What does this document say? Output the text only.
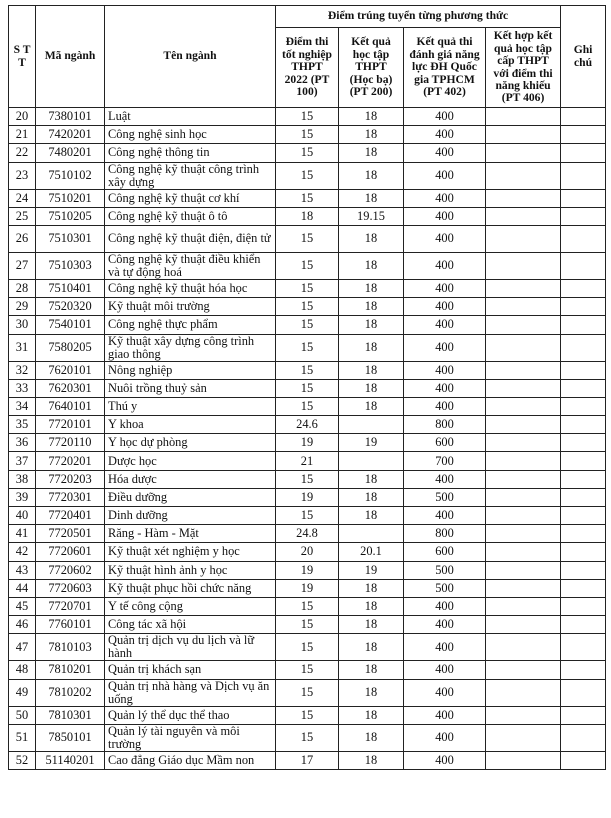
S T T	Mã ngành	Tên ngành	Điểm trúng tuyển từng phương thức				Ghi chú
			Điểm thi tốt nghiệp THPT 2022 (PT 100)	Kết quả học tập THPT (Học bạ) (PT 200)	Kết quả thi đánh giá năng lực ĐH Quốc gia TPHCM (PT 402)	Kết hợp kết quả học tập cấp THPT với điểm thi năng khiếu (PT 406)	
20	7380101	Luật	15	18	400		
21	7420201	Công nghệ sinh học	15	18	400		
22	7480201	Công nghệ thông tin	15	18	400		
23	7510102	Công nghệ kỹ thuật công trình xây dựng	15	18	400		
24	7510201	Công nghệ kỹ thuật cơ khí	15	18	400		
25	7510205	Công nghệ kỹ thuật ô tô	18	19.15	400		
26	7510301	Công nghệ kỹ thuật điện, điện tử	15	18	400		
27	7510303	Công nghệ kỹ thuật điều khiển và tự động hoá	15	18	400		
28	7510401	Công nghệ kỹ thuật hóa học	15	18	400		
29	7520320	Kỹ thuật môi trường	15	18	400		
30	7540101	Công nghệ thực phẩm	15	18	400		
31	7580205	Kỹ thuật xây dựng công trình giao thông	15	18	400		
32	7620101	Nông nghiệp	15	18	400		
33	7620301	Nuôi trồng thuỷ sản	15	18	400		
34	7640101	Thú y	15	18	400		
35	7720101	Y khoa	24.6		800		
36	7720110	Y học dự phòng	19	19	600		
37	7720201	Dược học	21		700		
38	7720203	Hóa dược	15	18	400		
39	7720301	Điều dưỡng	19	18	500		
40	7720401	Dinh dưỡng	15	18	400		
41	7720501	Răng - Hàm - Mặt	24.8		800		
42	7720601	Kỹ thuật xét nghiệm y học	20	20.1	600		
43	7720602	Kỹ thuật hình ảnh y học	19	19	500		
44	7720603	Kỹ thuật phục hồi chức năng	19	18	500		
45	7720701	Y tế công cộng	15	18	400		
46	7760101	Công tác xã hội	15	18	400		
47	7810103	Quản trị dịch vụ du lịch và lữ hành	15	18	400		
48	7810201	Quản trị khách sạn	15	18	400		
49	7810202	Quản trị nhà hàng và Dịch vụ ăn uống	15	18	400		
50	7810301	Quản lý thể dục thể thao	15	18	400		
51	7850101	Quản lý tài nguyên và môi trường	15	18	400		
52	51140201	Cao đẳng Giáo dục Mầm non	17	18	400		
